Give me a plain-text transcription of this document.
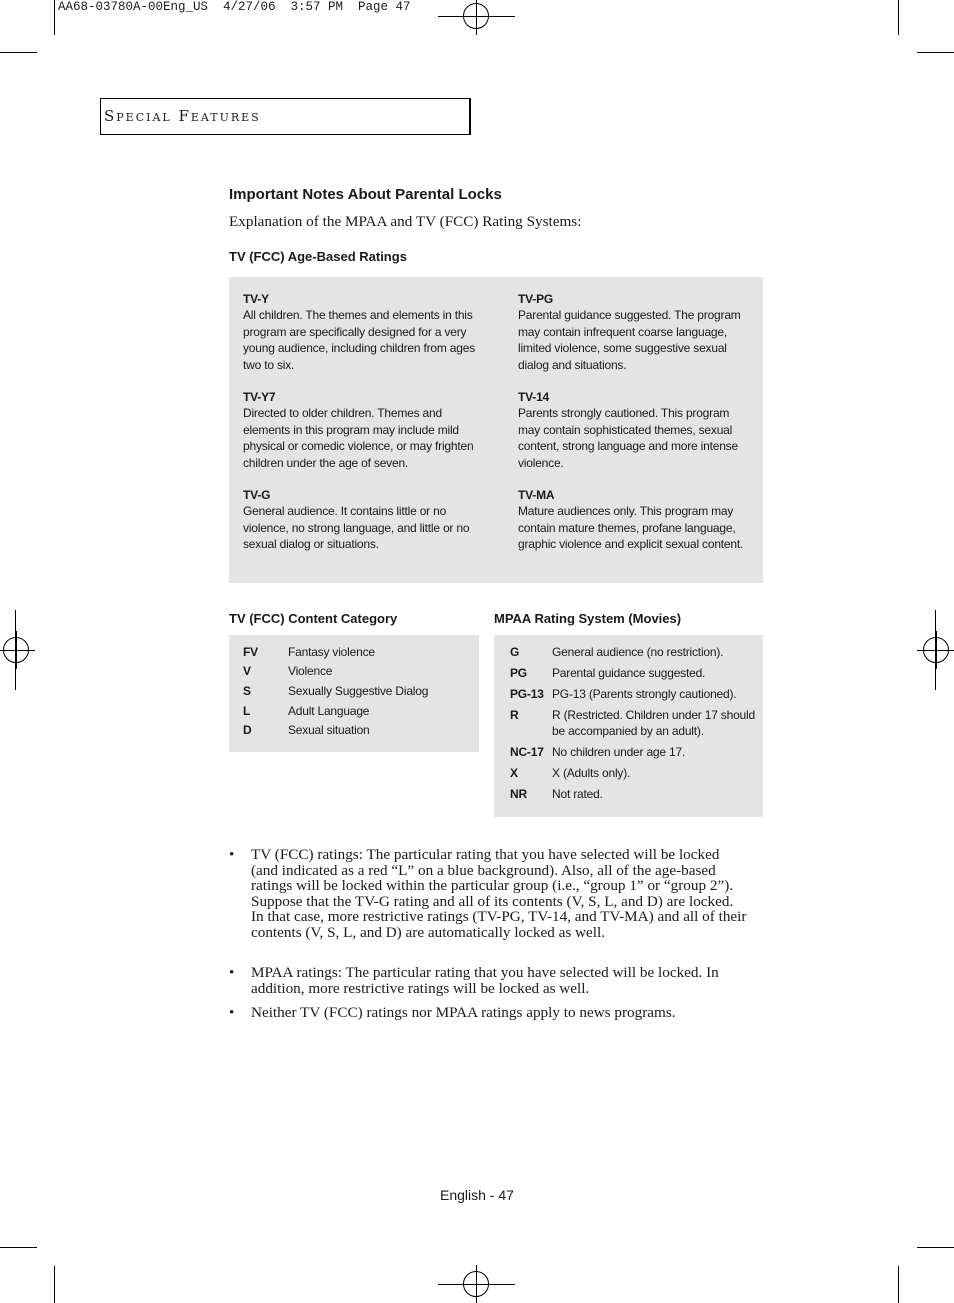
AA68-03780A-00Eng_US  4/27/06  3:57 PM  Page 47
Special Features
Important Notes About Parental Locks
Explanation of the MPAA and TV (FCC) Rating Systems:
TV (FCC) Age-Based Ratings
TV-Y
All children. The themes and elements in this program are specifically designed for a very young audience, including children from ages two to six.
TV-Y7
Directed to older children. Themes and elements in this program may include mild physical or comedic violence, or may frighten children under the age of seven.
TV-G
General audience. It contains little or no violence, no strong language, and little or no sexual dialog or situations.
TV-PG
Parental guidance suggested. The program may contain infrequent coarse language, limited violence, some suggestive sexual dialog and situations.
TV-14
Parents strongly cautioned. This program may contain sophisticated themes, sexual content, strong language and more intense violence.
TV-MA
Mature audiences only. This program may contain mature themes, profane language, graphic violence and explicit sexual content.
TV (FCC) Content Category	MPAA Rating System (Movies)
FV	Fantasy violence
V	Violence
S	Sexually Suggestive Dialog
L	Adult Language
D	Sexual situation
G	General audience (no restriction).
PG Parental guidance suggested.
PG-13 PG-13 (Parents strongly cautioned).
R	R (Restricted. Children under 17 should be accompanied by an adult).
NC-17 No children under age 17.
X	X (Adults only).
NR Not rated.
• TV (FCC) ratings: The particular rating that you have selected will be locked (and indicated as a red “L” on a blue background). Also, all of the age-based ratings will be locked within the particular group (i.e., “group 1” or “group 2”).
Suppose that the TV-G rating and all of its contents (V, S, L, and D) are locked. In that case, more restrictive ratings (TV-PG, TV-14, and TV-MA) and all of their contents (V, S, L, and D) are automatically locked as well.
• MPAA ratings: The particular rating that you have selected will be locked. In addition, more restrictive ratings will be locked as well.
• Neither TV (FCC) ratings nor MPAA ratings apply to news programs.
English - 47
